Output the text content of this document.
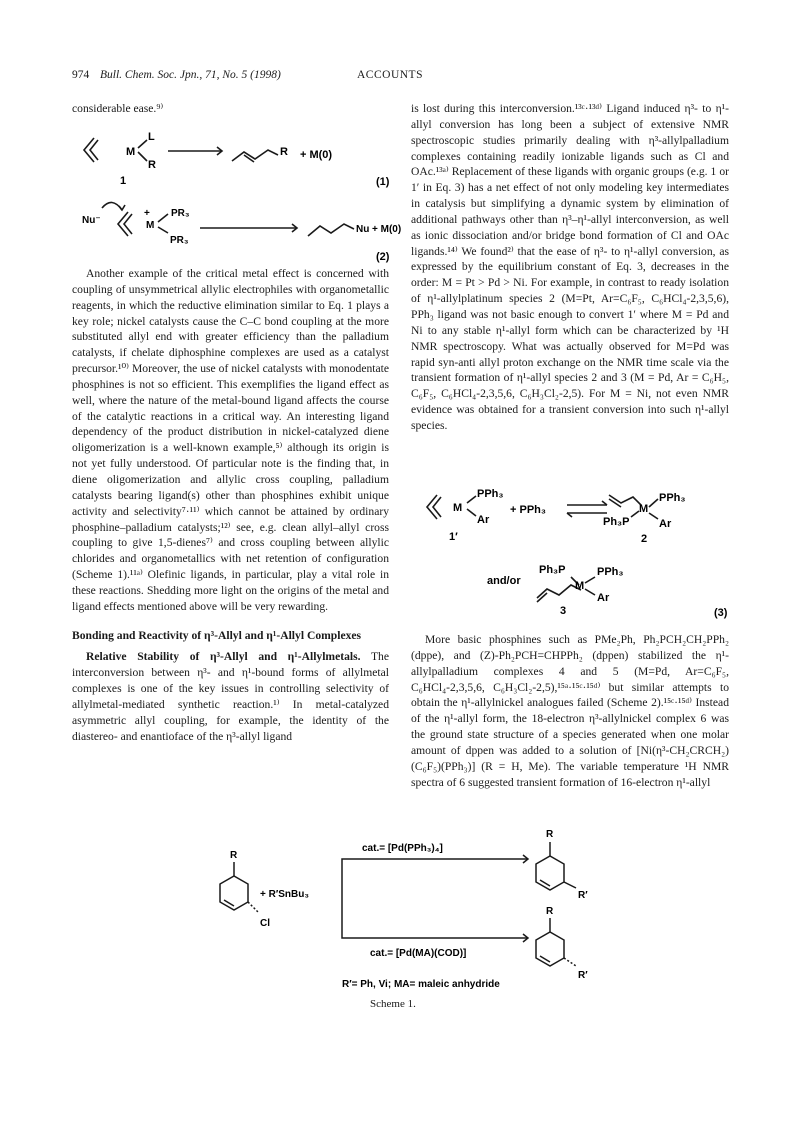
974 Bull. Chem. Soc. Jpn., 71, No. 5 (1998)	ACCOUNTS

considerable ease.⁹⁾

M
L
R
R + M(0)
1	(1)
Nu⁻
+
M
PR₃
PR₃
Nu + M(0)
(2)

Another example of the critical metal effect is concerned with coupling of unsymmetrical allylic electrophiles with organometallic reagents, in which the reductive elimination similar to Eq. 1 plays a key role; nickel catalysts cause the C–C bond coupling at the more substituted allyl end with greater efficiency than the palladium catalysts, if chelate diphosphine complexes are used as a catalyst precursor.¹⁰⁾ Moreover, the use of nickel catalysts with monodentate phosphines is not so efficient. This exemplifies the ligand effect as well, where the nature of the metal-bound ligand affects the course of the catalytic reactions in a critical way. An interesting ligand dependency of the product distribution in nickel-catalyzed diene oligomerization is a well-known example,⁵⁾ although its origin is not yet fully understood. Of particular note is the finding that, in diene oligomerization and allylic cross coupling, palladium catalysts bearing ligand(s) other than phosphines exhibit unique activity and selectivity⁷·¹¹⁾ which cannot be attained by ordinary phosphine–palladium catalysts;¹²⁾ see, e.g. clean allyl–allyl cross coupling to give 1,5-dienes⁷⁾ and cross coupling between allylic chlorides and organometallics with net retention of configuration (Scheme 1).¹¹ᵃ⁾ Olefinic ligands, in particular, play a vital role in these reactions. Shedding more light on the origins of the metal and ligand effects mentioned above will be very rewarding.

Bonding and Reactivity of η³-Allyl and η¹-Allyl Complexes

Relative Stability of η³-Allyl and η¹-Allylmetals. The interconversion between η³- and η¹-bound forms of allylmetal complexes is one of the key issues in controlling selectivity of allylmetal-mediated synthetic reaction.¹⁾ In metal-catalyzed asymmetric allyl coupling, for example, the identity of the diastereo- and enantioface of the η³-allyl ligand

is lost during this interconversion.¹³ᶜ·¹³ᵈ⁾ Ligand induced η³- to η¹-allyl conversion has long been a subject of extensive NMR spectroscopic studies primarily dealing with η³-allylpalladium complexes containing readily ionizable ligands such as Cl and OAc.¹³ᵃ⁾ Replacement of these ligands with organic groups (e.g. 1 or 1′ in Eq. 3) has a net effect of not only modeling key intermediates in catalysis but simplifying a dynamic system by elimination of additional pathways other than η³–η¹-allyl interconversion, as well as ionic dissociation and/or bridge bond formation of Cl and OAc ligands.¹⁴⁾ We found²⁾ that the ease of η³- to η¹-allyl conversion, as expressed by the equilibrium constant of Eq. 3, decreases in the order: M = Pt > Pd > Ni. For example, in contrast to ready isolation of η¹-allylplatinum species 2 (M=Pt, Ar=C₆F₅, C₆HCl₄-2,3,5,6), PPh₃ ligand was not basic enough to convert 1′ where M = Pd and Ni to any stable η¹-allyl form which can be characterized by ¹H NMR spectroscopy. What was actually observed for M=Pd was rapid syn-anti allyl proton exchange on the NMR time scale via the transient formation of η¹-allyl species 2 and 3 (M = Pd, Ar = C₆H₅, C₆F₅, C₆HCl₄-2,3,5,6, C₆H₃Cl₂-2,5). For M = Ni, not even NMR evidence was obtained for a transient conversion into such η¹-allyl species.

M
PPh₃
Ar
+ PPh₃
PPh₃
M
Ph₃P	Ar
1′	2
and/or
Ph₃P	PPh₃
M
Ar
3	(3)

More basic phosphines such as PMe₂Ph, Ph₂PCH₂CH₂PPh₂ (dppe), and (Z)-Ph₂PCH=CHPPh₂ (dppen) stabilized the η¹-allylpalladium complexes 4 and 5 (M=Pd, Ar=C₆F₅, C₆HCl₄-2,3,5,6, C₆H₃Cl₂-2,5),¹⁵ᵃ·¹⁵ᶜ·¹⁵ᵈ⁾ but similar attempts to obtain the η¹-allylnickel analogues failed (Scheme 2).¹⁵ᶜ·¹⁵ᵈ⁾ Instead of the η¹-allyl form, the 18-electron η³-allylnickel complex 6 was the ground state structure of a species generated when one molar amount of dppen was added to a solution of [Ni(η³-CH₂CRCH₂)(C₆F₅)(PPh₃)] (R = H, Me). The variable temperature ¹H NMR spectra of 6 suggested transient formation of 16-electron η¹-allyl

R
Cl
+ R′SnBu₃
cat.= [Pd(PPh₃)₄]
cat.= [Pd(MA)(COD)]
R
R′
R
R′
R′= Ph, Vi; MA= maleic anhydride
Scheme 1.
